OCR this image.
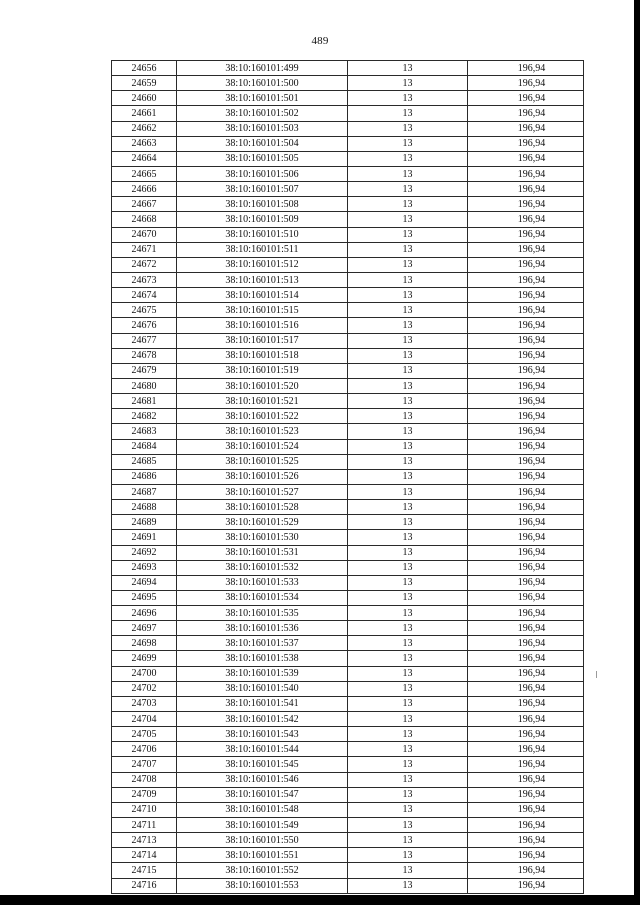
489
24656	38:10:160101:499	13	196,94
24659	38:10:160101:500	13	196,94
24660	38:10:160101:501	13	196,94
24661	38:10:160101:502	13	196,94
24662	38:10:160101:503	13	196,94
24663	38:10:160101:504	13	196,94
24664	38:10:160101:505	13	196,94
24665	38:10:160101:506	13	196,94
24666	38:10:160101:507	13	196,94
24667	38:10:160101:508	13	196,94
24668	38:10:160101:509	13	196,94
24670	38:10:160101:510	13	196,94
24671	38:10:160101:511	13	196,94
24672	38:10:160101:512	13	196,94
24673	38:10:160101:513	13	196,94
24674	38:10:160101:514	13	196,94
24675	38:10:160101:515	13	196,94
24676	38:10:160101:516	13	196,94
24677	38:10:160101:517	13	196,94
24678	38:10:160101:518	13	196,94
24679	38:10:160101:519	13	196,94
24680	38:10:160101:520	13	196,94
24681	38:10:160101:521	13	196,94
24682	38:10:160101:522	13	196,94
24683	38:10:160101:523	13	196,94
24684	38:10:160101:524	13	196,94
24685	38:10:160101:525	13	196,94
24686	38:10:160101:526	13	196,94
24687	38:10:160101:527	13	196,94
24688	38:10:160101:528	13	196,94
24689	38:10:160101:529	13	196,94
24691	38:10:160101:530	13	196,94
24692	38:10:160101:531	13	196,94
24693	38:10:160101:532	13	196,94
24694	38:10:160101:533	13	196,94
24695	38:10:160101:534	13	196,94
24696	38:10:160101:535	13	196,94
24697	38:10:160101:536	13	196,94
24698	38:10:160101:537	13	196,94
24699	38:10:160101:538	13	196,94
24700	38:10:160101:539	13	196,94
24702	38:10:160101:540	13	196,94
24703	38:10:160101:541	13	196,94
24704	38:10:160101:542	13	196,94
24705	38:10:160101:543	13	196,94
24706	38:10:160101:544	13	196,94
24707	38:10:160101:545	13	196,94
24708	38:10:160101:546	13	196,94
24709	38:10:160101:547	13	196,94
24710	38:10:160101:548	13	196,94
24711	38:10:160101:549	13	196,94
24713	38:10:160101:550	13	196,94
24714	38:10:160101:551	13	196,94
24715	38:10:160101:552	13	196,94
24716	38:10:160101:553	13	196,94
